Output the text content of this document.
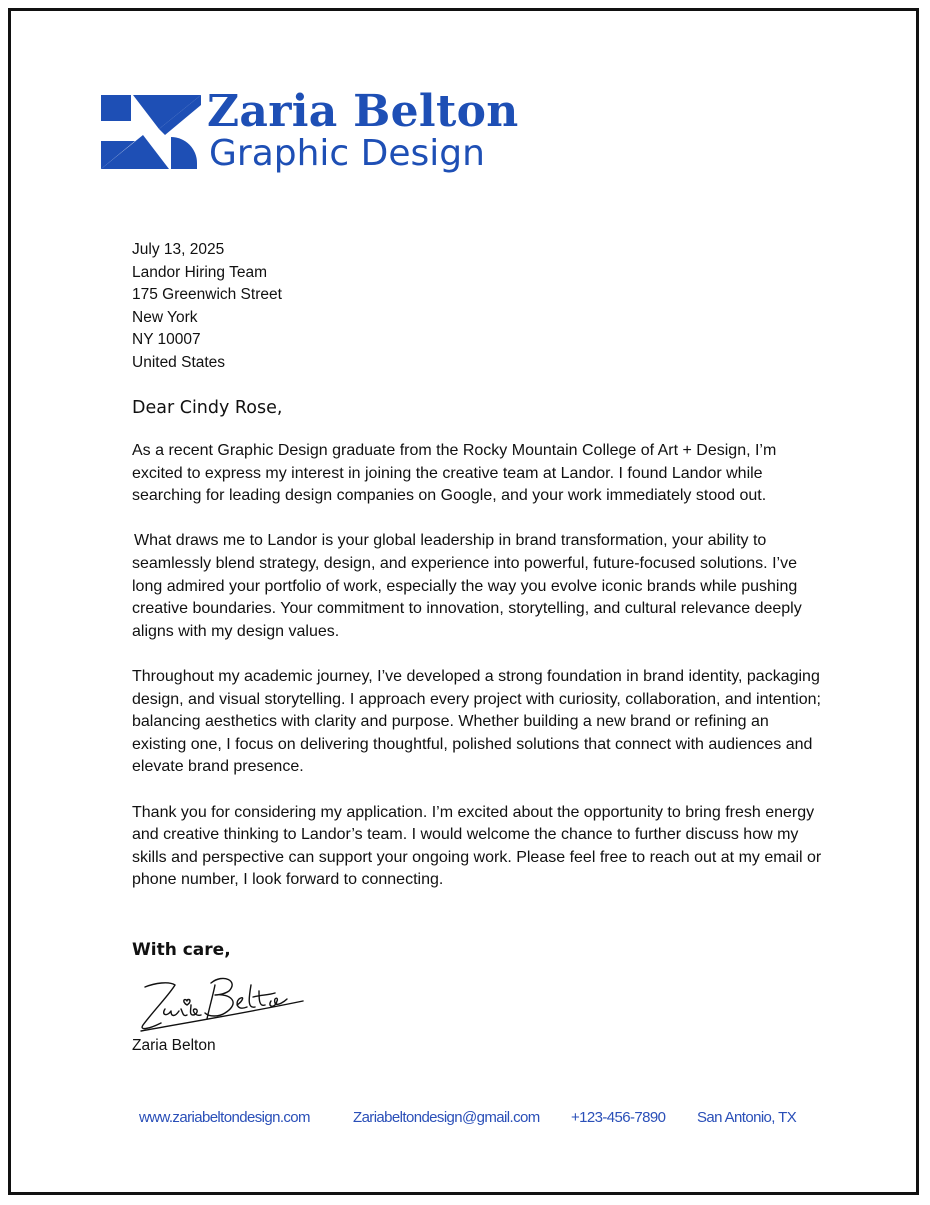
Zaria Belton
Graphic Design
July 13, 2025
Landor Hiring Team
175 Greenwich Street
New York
NY 10007
United States
Dear Cindy Rose,

As a recent Graphic Design graduate from the Rocky Mountain College of Art + Design, I’m excited to express my interest in joining the creative team at Landor. I found Landor while searching for leading design companies on Google, and your work immediately stood out.

What draws me to Landor is your global leadership in brand transformation, your ability to seamlessly blend strategy, design, and experience into powerful, future-focused solutions. I’ve long admired your portfolio of work, especially the way you evolve iconic brands while pushing creative boundaries. Your commitment to innovation, storytelling, and cultural relevance deeply aligns with my design values.

Throughout my academic journey, I’ve developed a strong foundation in brand identity, packaging design, and visual storytelling. I approach every project with curiosity, collaboration, and intention; balancing aesthetics with clarity and purpose. Whether building a new brand or refining an existing one, I focus on delivering thoughtful, polished solutions that connect with audiences and elevate brand presence.

Thank you for considering my application. I’m excited about the opportunity to bring fresh energy and creative thinking to Landor’s team. I would welcome the chance to further discuss how my skills and perspective can support your ongoing work. Please feel free to reach out at my email or phone number, I look forward to connecting.

With care,
Zaria Belton
www.zariabeltondesign.com	Zariabeltondesign@gmail.com +123-456-7890 San Antonio, TX
